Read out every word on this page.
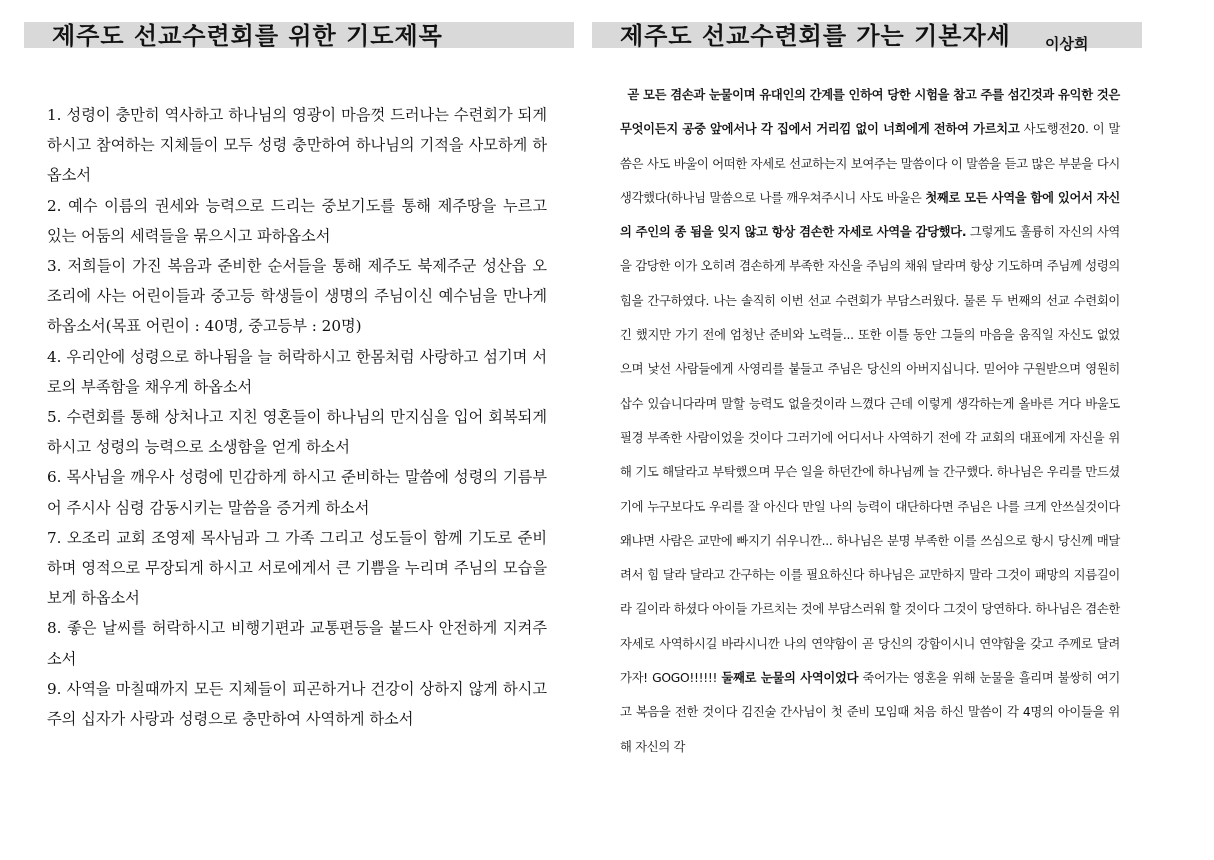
제주도 선교수련회를 위한 기도제목	제주도 선교수련회를 가는 기본자세 이상희

1. 성령이 충만히 역사하고 하나님의 영광이 마음껏 드러나는 수련회가 되게 하시고 참여하는 지체들이 모두 성령 충만하여 하나님의 기적을 사모하게 하옵소서

2. 예수 이름의 권세와 능력으로 드리는 중보기도를 통해 제주땅을 누르고 있는 어둠의 세력들을 묶으시고 파하옵소서

3. 저희들이 가진 복음과 준비한 순서들을 통해 제주도 북제주군 성산읍 오조리에 사는 어린이들과 중고등 학생들이 생명의 주님이신 예수님을 만나게 하옵소서(목표 어린이 : 40명, 중고등부 : 20명)

4. 우리안에 성령으로 하나됨을 늘 허락하시고 한몸처럼 사랑하고 섬기며 서로의 부족함을 채우게 하옵소서

5. 수련회를 통해 상처나고 지친 영혼들이 하나님의 만지심을 입어 회복되게 하시고 성령의 능력으로 소생함을 얻게 하소서

6. 목사님을 깨우사 성령에 민감하게 하시고 준비하는 말씀에 성령의 기름부어 주시사 심령 감동시키는 말씀을 증거케 하소서

7. 오조리 교회 조영제 목사님과 그 가족 그리고 성도들이 함께 기도로 준비하며 영적으로 무장되게 하시고 서로에게서 큰 기쁨을 누리며 주님의 모습을 보게 하옵소서

8. 좋은 날씨를 허락하시고 비행기편과 교통편등을 붙드사 안전하게 지켜주소서

9. 사역을 마칠때까지 모든 지체들이 피곤하거나 건강이 상하지 않게 하시고 주의 십자가 사랑과 성령으로 충만하여 사역하게 하소서

곧 모든 겸손과 눈물이며 유대인의 간계를 인하여 당한 시험을 참고 주를 섬긴것과 유익한 것은 무엇이든지 공중 앞에서나 각 집에서 거리낌 없이 너희에게 전하여 가르치고 사도행전20. 이 말씀은 사도 바울이 어떠한 자세로 선교하는지 보여주는 말씀이다 이 말씀을 듣고 많은 부분을 다시 생각했다(하나님 말씀으로 나를 깨우쳐주시니 사도 바울은 첫째로 모든 사역을 함에 있어서 자신의 주인의 종 됨을 잊지 않고 항상 겸손한 자세로 사역을 감당했다. 그렇게도 훌륭히 자신의 사역을 감당한 이가 오히려 겸손하게 부족한 자신을 주님의 채워 달라며 항상 기도하며 주님께 성령의 힘을 간구하였다. 나는 솔직히 이번 선교 수련회가 부담스러웠다. 물론 두 번째의 선교 수련회이긴 했지만 가기 전에 엄청난 준비와 노력들... 또한 이틀 동안 그들의 마음을 움직일 자신도 없었으며 낯선 사람들에게 사영리를 붙들고 주님은 당신의 아버지십니다. 믿어야 구원받으며 영원히 삽수 있습니다라며 말할 능력도 없을것이라 느꼈다 근데 이렇게 생각하는게 올바른 거다 바울도 필경 부족한 사람이었을 것이다 그러기에 어디서나 사역하기 전에 각 교회의 대표에게 자신을 위해 기도 해달라고 부탁했으며 무슨 일을 하던간에 하나님께 늘 간구했다. 하나님은 우리를 만드셨기에 누구보다도 우리를 잘 아신다 만일 나의 능력이 대단하다면 주님은 나를 크게 안쓰실것이다 왜냐면 사람은 교만에 빠지기 쉬우니깐... 하나님은 분명 부족한 이를 쓰심으로 항시 당신께 매달려서 힘 달라 달라고 간구하는 이를 필요하신다 하나님은 교만하지 말라 그것이 패망의 지름길이라 길이라 하셨다 아이들 가르치는 것에 부담스러워 할 것이다 그것이 당연하다. 하나님은 겸손한 자세로 사역하시길 바라시니깐 나의 연약함이 곧 당신의 강함이시니 연약함을 갖고 주께로 달려가자! GOGO!!!!!! 둘째로 눈물의 사역이었다 죽어가는 영혼을 위해 눈물을 흘리며 불쌍히 여기고 복음을 전한 것이다 김진술 간사님이 첫 준비 모임때 처음 하신 말씀이 각 4명의 아이들을 위해 자신의 각
